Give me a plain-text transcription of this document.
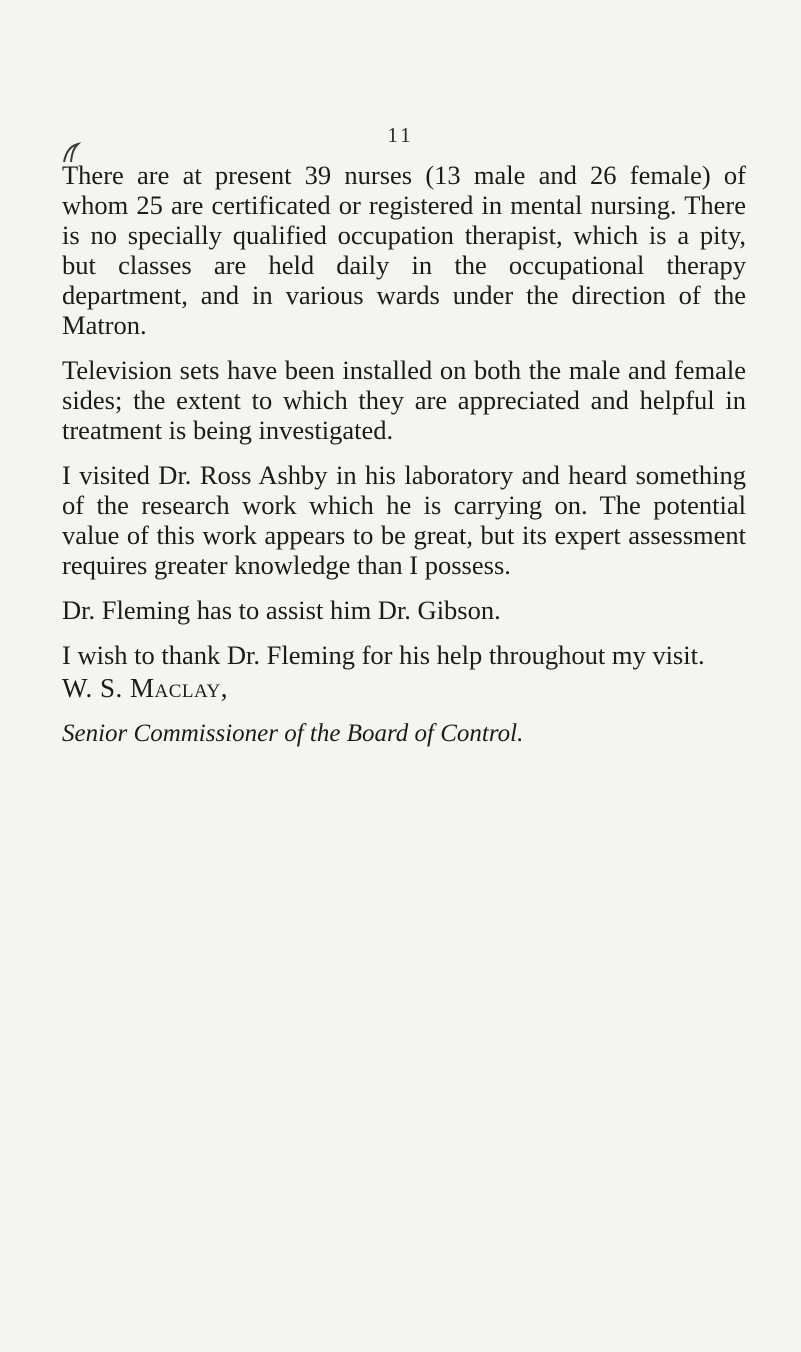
11

There are at present 39 nurses (13 male and 26 female) of whom 25 are certificated or registered in mental nursing. There is no specially qualified occupation therapist, which is a pity, but classes are held daily in the occupational therapy department, and in various wards under the direction of the Matron.

Television sets have been installed on both the male and female sides; the extent to which they are appreciated and helpful in treatment is being investigated.

I visited Dr. Ross Ashby in his laboratory and heard something of the research work which he is carrying on. The potential value of this work appears to be great, but its expert assessment requires greater knowledge than I possess.

Dr. Fleming has to assist him Dr. Gibson.

I wish to thank Dr. Fleming for his help throughout my visit.

W. S. Maclay,

Senior Commissioner of the Board of Control.
